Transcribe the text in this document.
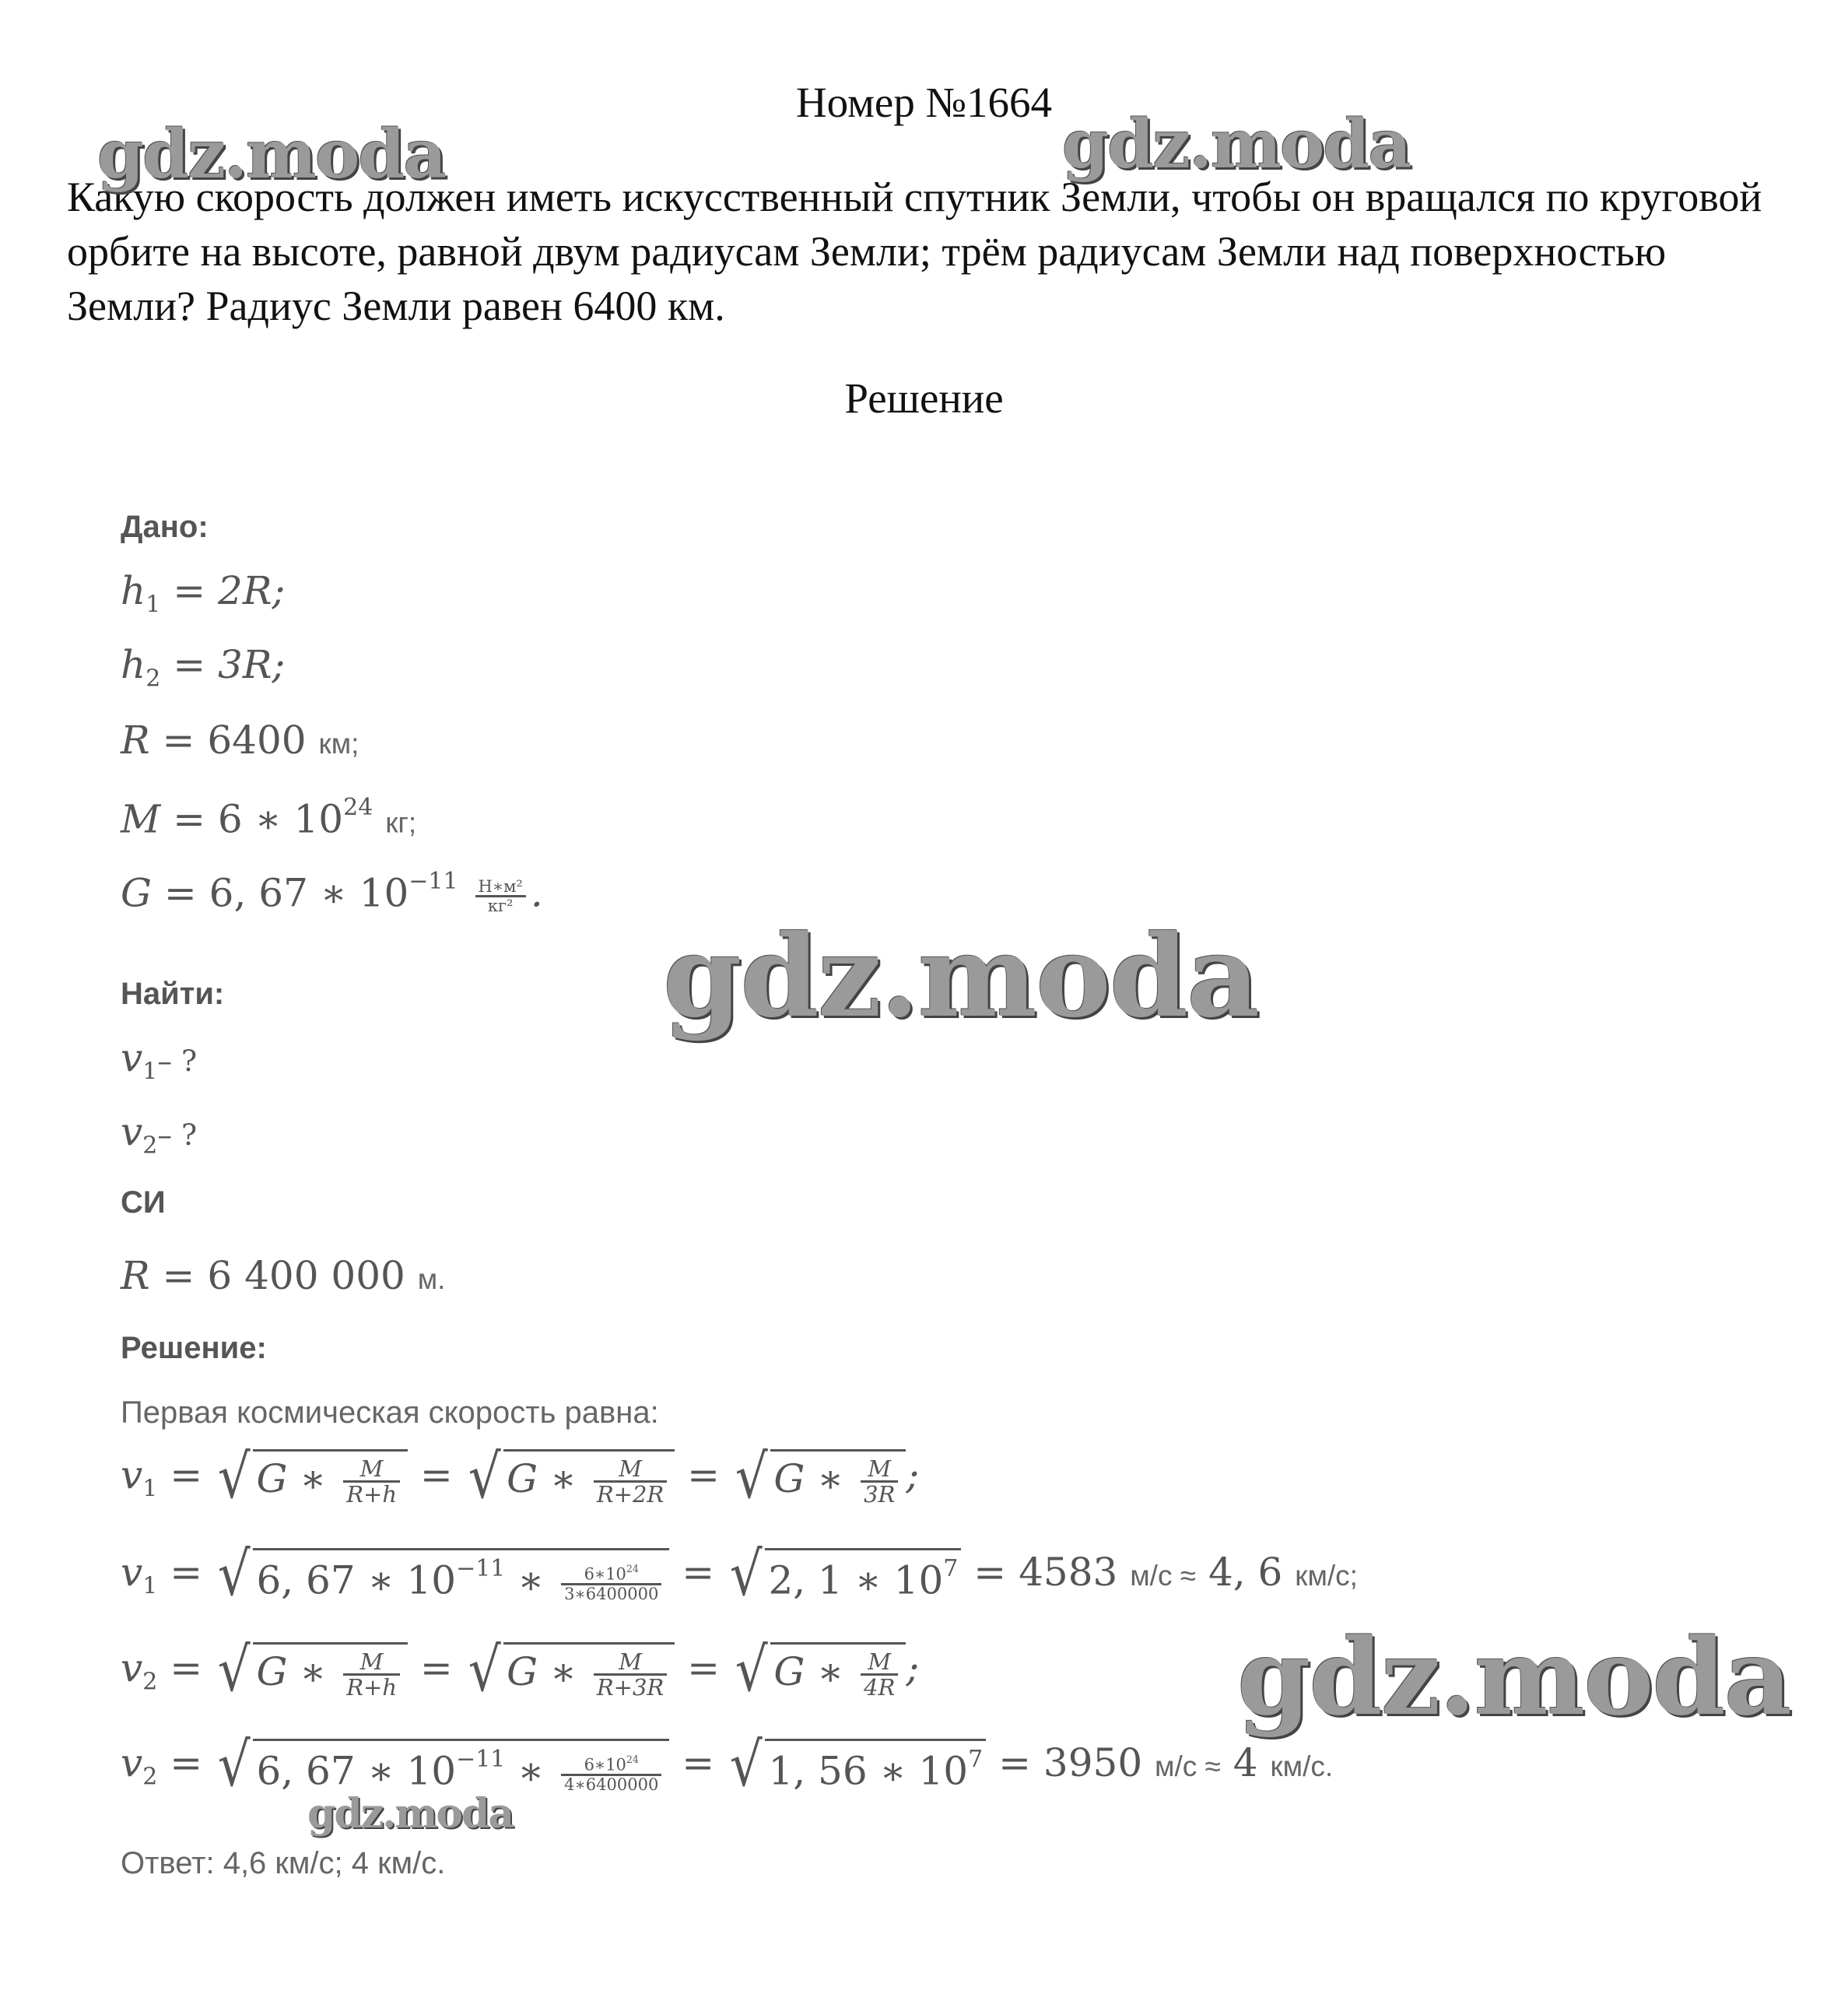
Номер №1664
Какую скорость должен иметь искусственный спутник Земли, чтобы он вращался по круговой орбите на высоте, равной двум радиусам Земли; трём радиусам Земли над поверхностью Земли? Радиус Земли равен 6400 км.
Решение
Дано:
$h_1 = 2R$;
$h_2 = 3R$;
R = 6400 км;
M = 6 ∗ $10^{24}$ кг;
G = 6, 67 ∗ $10^{-11} \frac{\text{Н∗м²}}{\text{кг²}}$ .
Найти:
$v_1-$ ?
$v_2-$ ?
СИ
R = 6 400 000 м.
Решение:
Первая космическая скорость равна:
$v_1$ = √ G ∗ $\frac{M}{R+h}$ = √ G ∗ $\frac{M}{R+2R}$ = √ G ∗ $\frac{M}{3R}$ ;
$v_1$ = √ 6, 67 ∗ $10^{-11}$ ∗ $\frac{6∗10^{24}}{3∗6400000}$ = √ 2, 1 ∗ $10^7 = 4583$ м/с ≈ 4, 6 км/с;
$v_2$ = √ G ∗ $\frac{M}{R+h}$ = √ G ∗ $\frac{M}{R+3R}$ = √ G ∗ $\frac{M}{4R}$ ;
$v_2$ = √ 6, 67 ∗ $10^{-11}$ ∗ $\frac{6∗10^{24}}{4∗6400000}$ = √ 1, 56 ∗ $10^7 = 3950$ м/с ≈ 4 км/с.
Ответ: 4,6 км/с; 4 км/с.
gdz.moda	gdz.moda
gdz.moda
gdz.moda
gdz.moda
